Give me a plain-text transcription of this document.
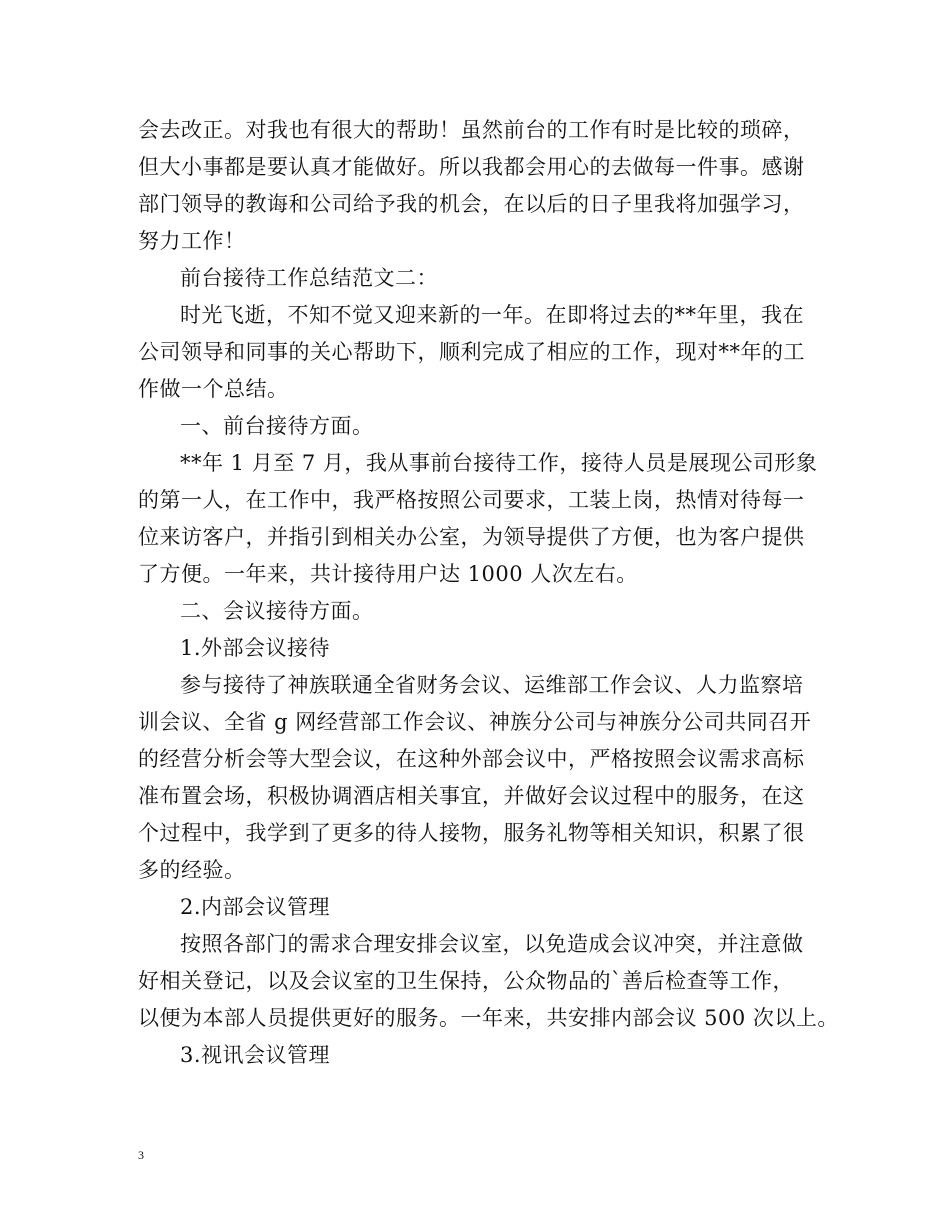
会去改正。对我也有很大的帮助！虽然前台的工作有时是比较的琐碎，
但大小事都是要认真才能做好。所以我都会用心的去做每一件事。感谢
部门领导的教诲和公司给予我的机会，在以后的日子里我将加强学习，
努力工作！
前台接待工作总结范文二：
时光飞逝，不知不觉又迎来新的一年。在即将过去的**年里，我在
公司领导和同事的关心帮助下，顺利完成了相应的工作，现对**年的工
作做一个总结。
一、前台接待方面。
**年 1 月至 7 月，我从事前台接待工作，接待人员是展现公司形象
的第一人，在工作中，我严格按照公司要求，工装上岗，热情对待每一
位来访客户，并指引到相关办公室，为领导提供了方便，也为客户提供
了方便。一年来，共计接待用户达 1000 人次左右。
二、会议接待方面。
1.外部会议接待
参与接待了神族联通全省财务会议、运维部工作会议、人力监察培
训会议、全省 g 网经营部工作会议、神族分公司与神族分公司共同召开
的经营分析会等大型会议，在这种外部会议中，严格按照会议需求高标
准布置会场，积极协调酒店相关事宜，并做好会议过程中的服务，在这
个过程中，我学到了更多的待人接物，服务礼物等相关知识，积累了很
多的经验。
2.内部会议管理
按照各部门的需求合理安排会议室，以免造成会议冲突，并注意做
好相关登记，以及会议室的卫生保持，公众物品的`善后检查等工作，
以便为本部人员提供更好的服务。一年来，共安排内部会议 500 次以上。
3.视讯会议管理
3
